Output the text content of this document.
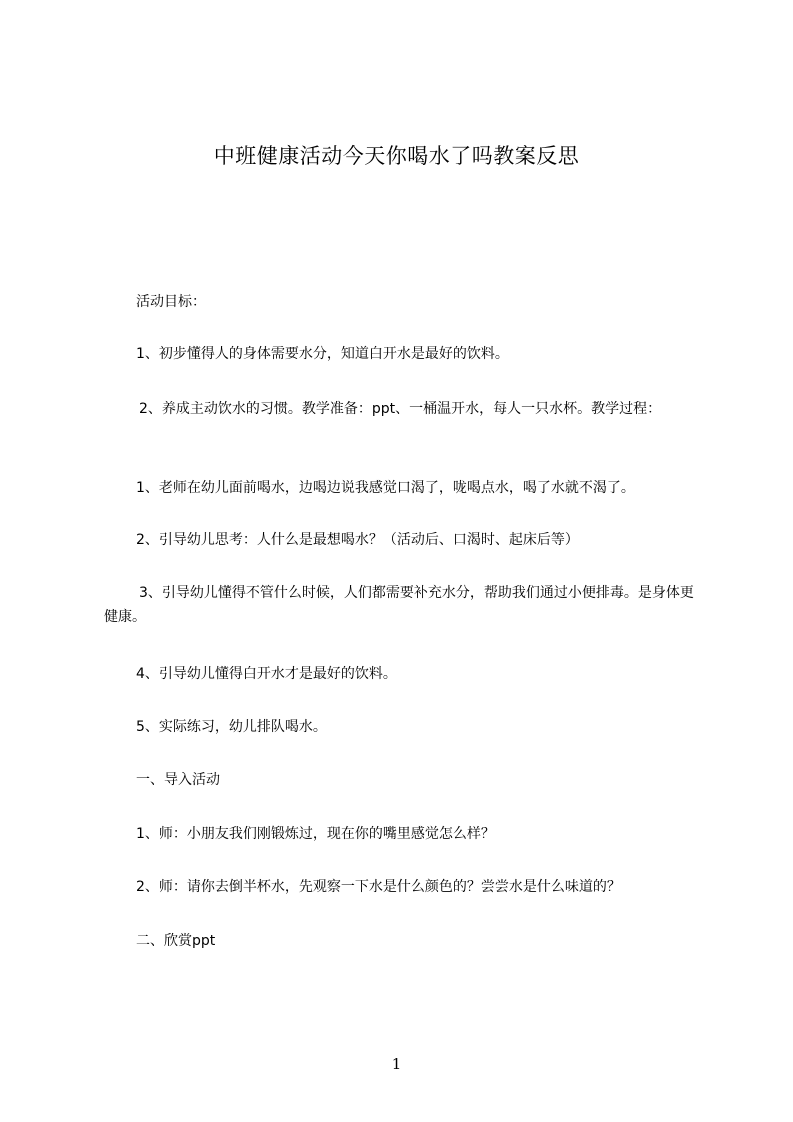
中班健康活动今天你喝水了吗教案反思
活动目标：
1、初步懂得人的身体需要水分，知道白开水是最好的饮料。
2、养成主动饮水的习惯。教学准备：ppt、一桶温开水，每人一只水杯。教学过程：
1、老师在幼儿面前喝水，边喝边说我感觉口渴了，咙喝点水，喝了水就不渴了。
2、引导幼儿思考：人什么是最想喝水？（活动后、口渴时、起床后等）
3、引导幼儿懂得不管什么时候，人们都需要补充水分，帮助我们通过小便排毒。是身体更健康。
4、引导幼儿懂得白开水才是最好的饮料。
5、实际练习，幼儿排队喝水。
一、导入活动
1、师：小朋友我们刚锻炼过，现在你的嘴里感觉怎么样？
2、师：请你去倒半杯水，先观察一下水是什么颜色的？尝尝水是什么味道的？
二、欣赏ppt
1
